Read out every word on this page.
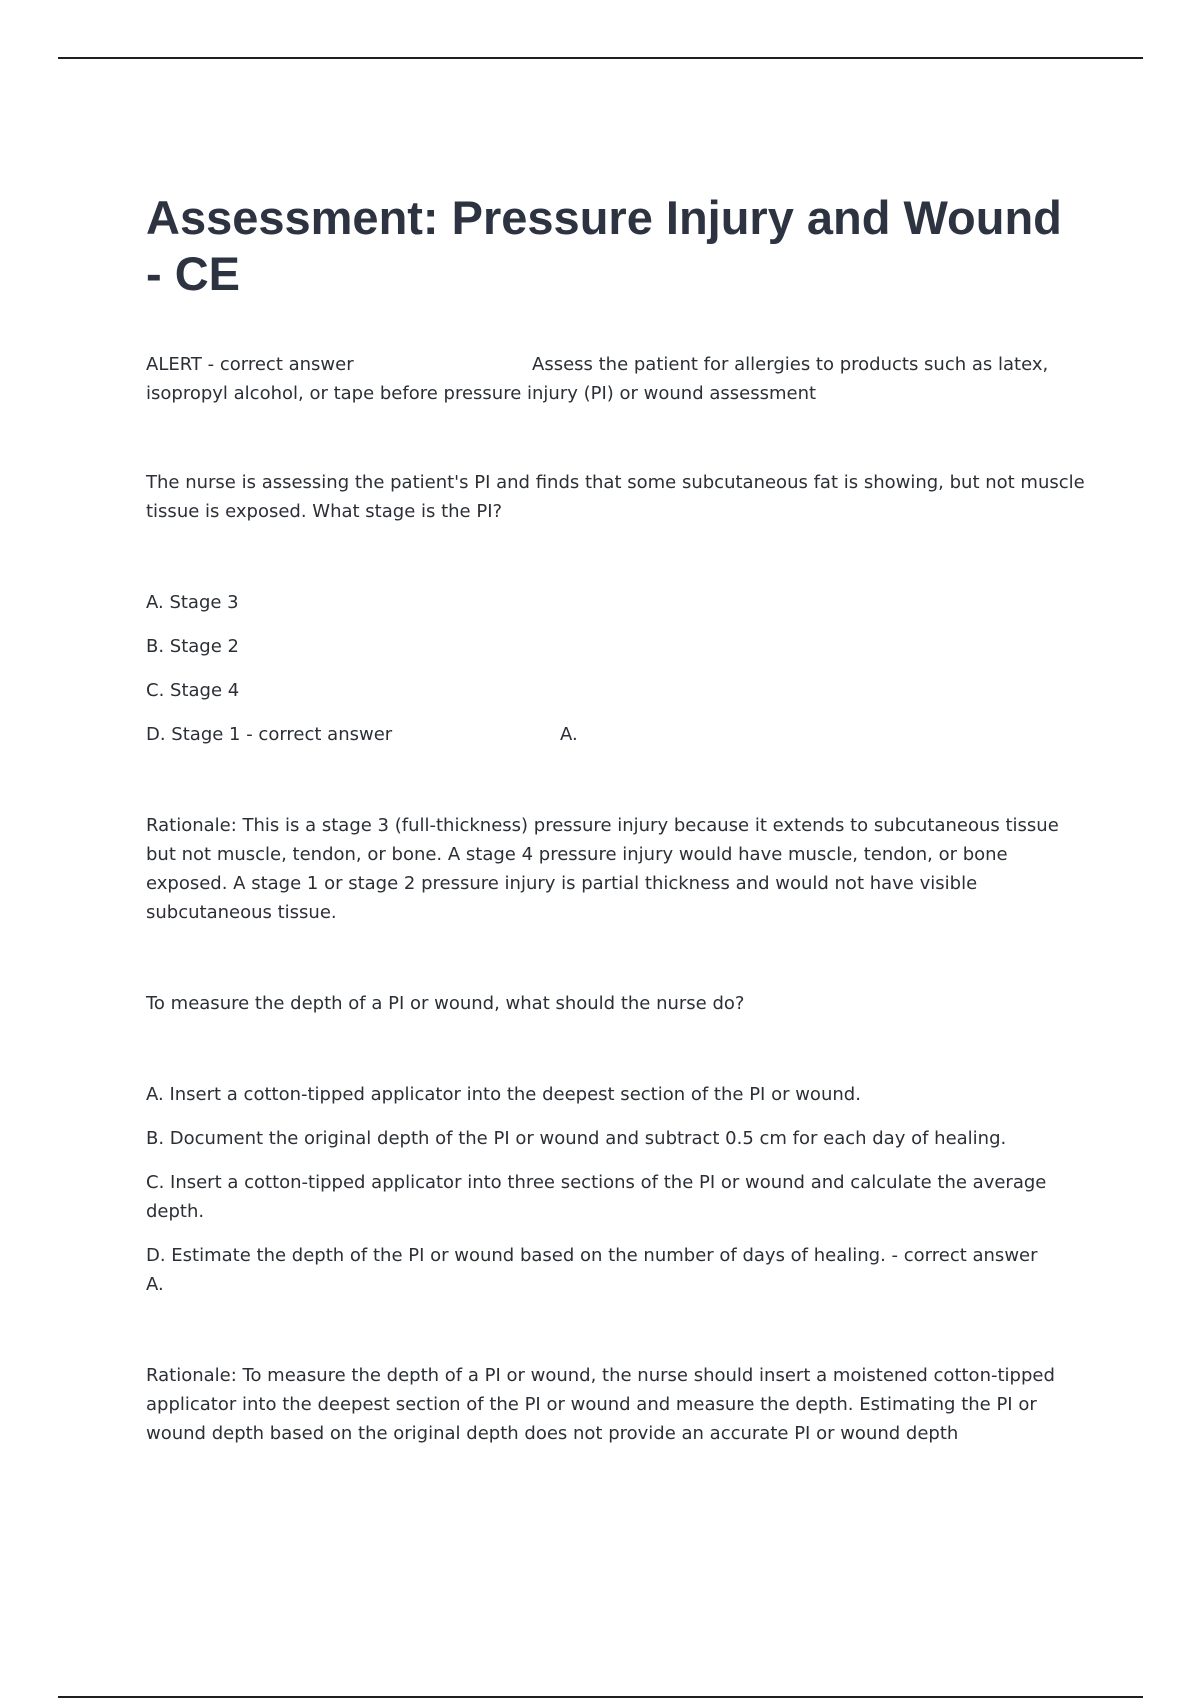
Assessment: Pressure Injury and Wound - CE

ALERT - correct answer	Assess the patient for allergies to products such as latex,
isopropyl alcohol, or tape before pressure injury (PI) or wound assessment

The nurse is assessing the patient's PI and finds that some subcutaneous fat is showing, but not muscle tissue is exposed. What stage is the PI?

A. Stage 3

B. Stage 2

C. Stage 4

D. Stage 1 - correct answer	A.

Rationale: This is a stage 3 (full-thickness) pressure injury because it extends to subcutaneous tissue but not muscle, tendon, or bone. A stage 4 pressure injury would have muscle, tendon, or bone exposed. A stage 1 or stage 2 pressure injury is partial thickness and would not have visible subcutaneous tissue.

To measure the depth of a PI or wound, what should the nurse do?

A. Insert a cotton-tipped applicator into the deepest section of the PI or wound.

B. Document the original depth of the PI or wound and subtract 0.5 cm for each day of healing.

C. Insert a cotton-tipped applicator into three sections of the PI or wound and calculate the average depth.

D. Estimate the depth of the PI or wound based on the number of days of healing. - correct answer
A.

Rationale: To measure the depth of a PI or wound, the nurse should insert a moistened cotton-tipped applicator into the deepest section of the PI or wound and measure the depth. Estimating the PI or wound depth based on the original depth does not provide an accurate PI or wound depth
